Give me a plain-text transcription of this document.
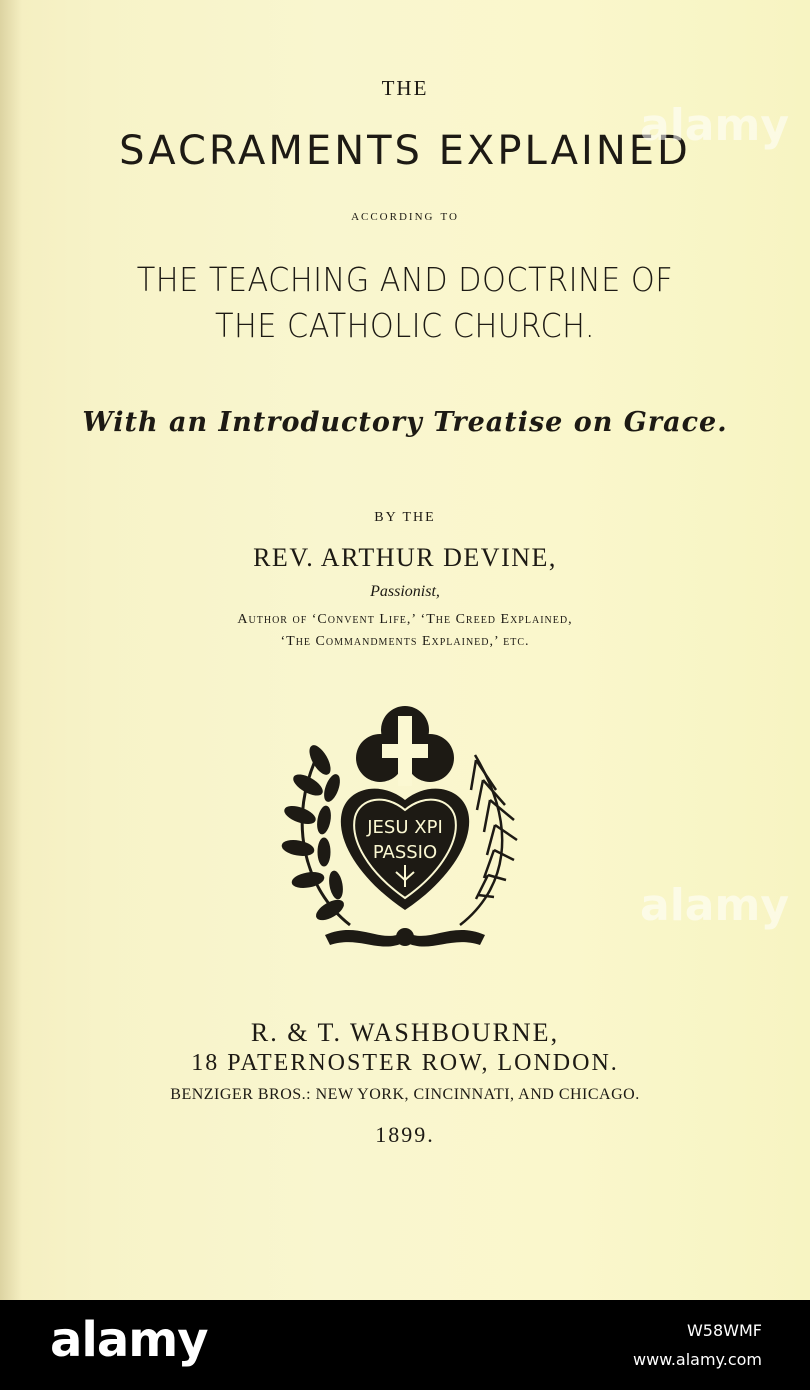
THE
SACRAMENTS EXPLAINED
according to
THE TEACHING AND DOCTRINE OF
THE CATHOLIC CHURCH.
With an Introductory Treatise on Grace.
BY THE
REV. ARTHUR DEVINE,
Passionist,
Author of ‘Convent Life,’ ‘The Creed Explained,
‘The Commandments Explained,’ etc.
JESU XPI
PASSIO
R. & T. WASHBOURNE,
18 PATERNOSTER ROW, LONDON.
BENZIGER BROS.: NEW YORK, CINCINNATI, AND CHICAGO.
1899.
alamy
alamy
alamy	W58WMF
www.alamy.com
